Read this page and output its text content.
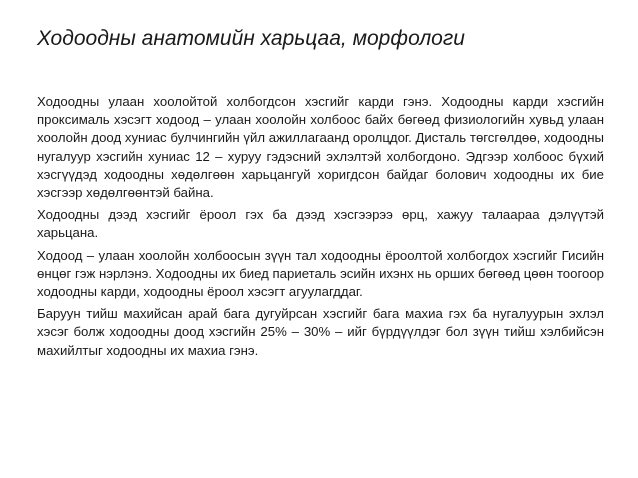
Ходоодны анатомийн харьцаа, морфологи

Ходоодны улаан хоолойтой холбогдсон хэсгийг карди гэнэ. Ходоодны карди хэсгийн проксималь хэсэгт ходоод – улаан хоолойн холбоос байх бөгөөд физиологийн хувьд улаан хоолойн доод хуниас булчингийн үйл ажиллагаанд оролцдог. Дисталь төгсгөлдөө, ходоодны нугалуур хэсгийн хуниас 12 – хуруу гэдэсний эхлэлтэй холбогдоно. Эдгээр холбоос бүхий хэсгүүдэд ходоодны хөдөлгөөн харьцангуй хоригдсон байдаг болович ходоодны их бие хэсгээр хөдөлгөөнтэй байна.

Ходоодны дээд хэсгийг ёроол гэх ба дээд хэсгээрээ өрц, хажуу талаараа дэлүүтэй харьцана.

Ходоод – улаан хоолойн холбоосын зүүн тал ходоодны ёроолтой холбогдох хэсгийг Гисийн өнцөг гэж нэрлэнэ. Ходоодны их биед париеталь эсийн ихэнх нь орших бөгөөд цөөн тоогоор ходоодны карди, ходоодны ёроол хэсэгт агуулагддаг.

Баруун тийш махийсан арай бага дугуйрсан хэсгийг бага махиа гэх ба нугалуурын эхлэл хэсэг болж ходоодны доод хэсгийн 25% – 30% – ийг бүрдүүлдэг бол зүүн тийш хэлбийсэн махийлтыг ходоодны их махиа гэнэ.
